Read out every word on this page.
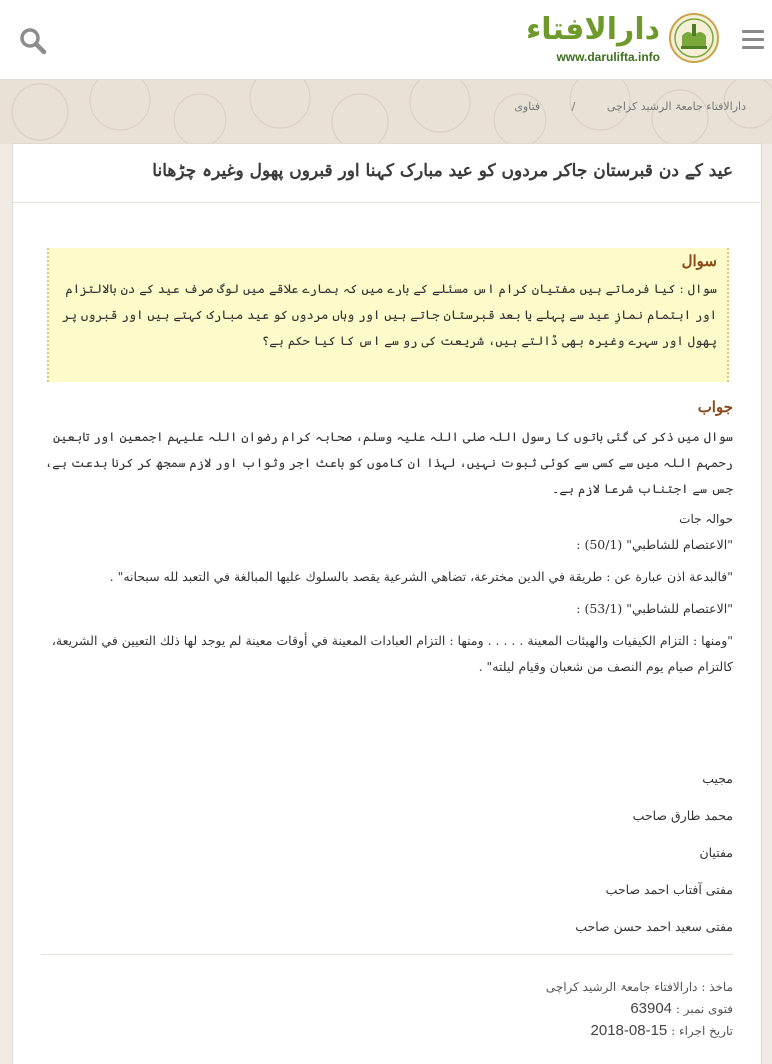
دارالافتاء
www.darulifta.info
دارالافتاء جامعۃ الرشید کراچی / فتاوی
عید کے دن قبرستان جاکر مردوں کو عید مبارک کہنا اور قبروں پھول وغیرہ چڑھانا
سوال
سوال : کیا فرماتے ہیں مفتیانِ کرام اس مسئلے کے بارے میں کہ ہمارے علاقے میں لوگ صرف عید کے دن بالالتزام اور اہتمام نمازِ عید سے پہلے یا بعد قبرستان جاتے ہیں اور وہاں مردوں کو عید مبارک کہتے ہیں اور قبروں پر پھول اور سہرے وغیرہ بھی ڈالتے ہیں، شریعت کی رو سے اس کا کیا حکم ہے؟
جواب
سوال میں ذکر کی گئی باتوں کا رسول اللہ صلی اللہ علیہ وسلم، صحابہ کرام رضوان اللہ علیہم اجمعین اور تابعین رحمہم اللہ میں سے کسی سے کوئی ثبوت نہیں، لہذا ان کاموں کو باعث اجر وثواب اور لازم سمجھ کر کرنا بدعت ہے، جس سے اجتناب شرعا لازم ہے۔
حوالہ جات
"الاعتصام للشاطبي" (50/1) :
"فالبدعة اذن عبارة عن : طريقة في الدين مخترعة، تضاهي الشرعية يقصد بالسلوك عليها المبالغة في التعبد لله سبحانه" .
"الاعتصام للشاطبي" (53/1) :
"ومنها : التزام الكيفيات والهيئات المعينة . . . . . ومنها : التزام العبادات المعينة في أوقات معينة لم يوجد لها ذلك التعيين في الشريعة، كالتزام صيام يوم النصف من شعبان وقيام ليلته" .
مجیب
محمد طارق صاحب
مفتیان
مفتی آفتاب احمد صاحب
مفتی سعید احمد حسن صاحب
ماخذ : دارالافتاء جامعۃ الرشید کراچی
فتوی نمبر : 63904
تاریخ اجراء : 15-08-2018
